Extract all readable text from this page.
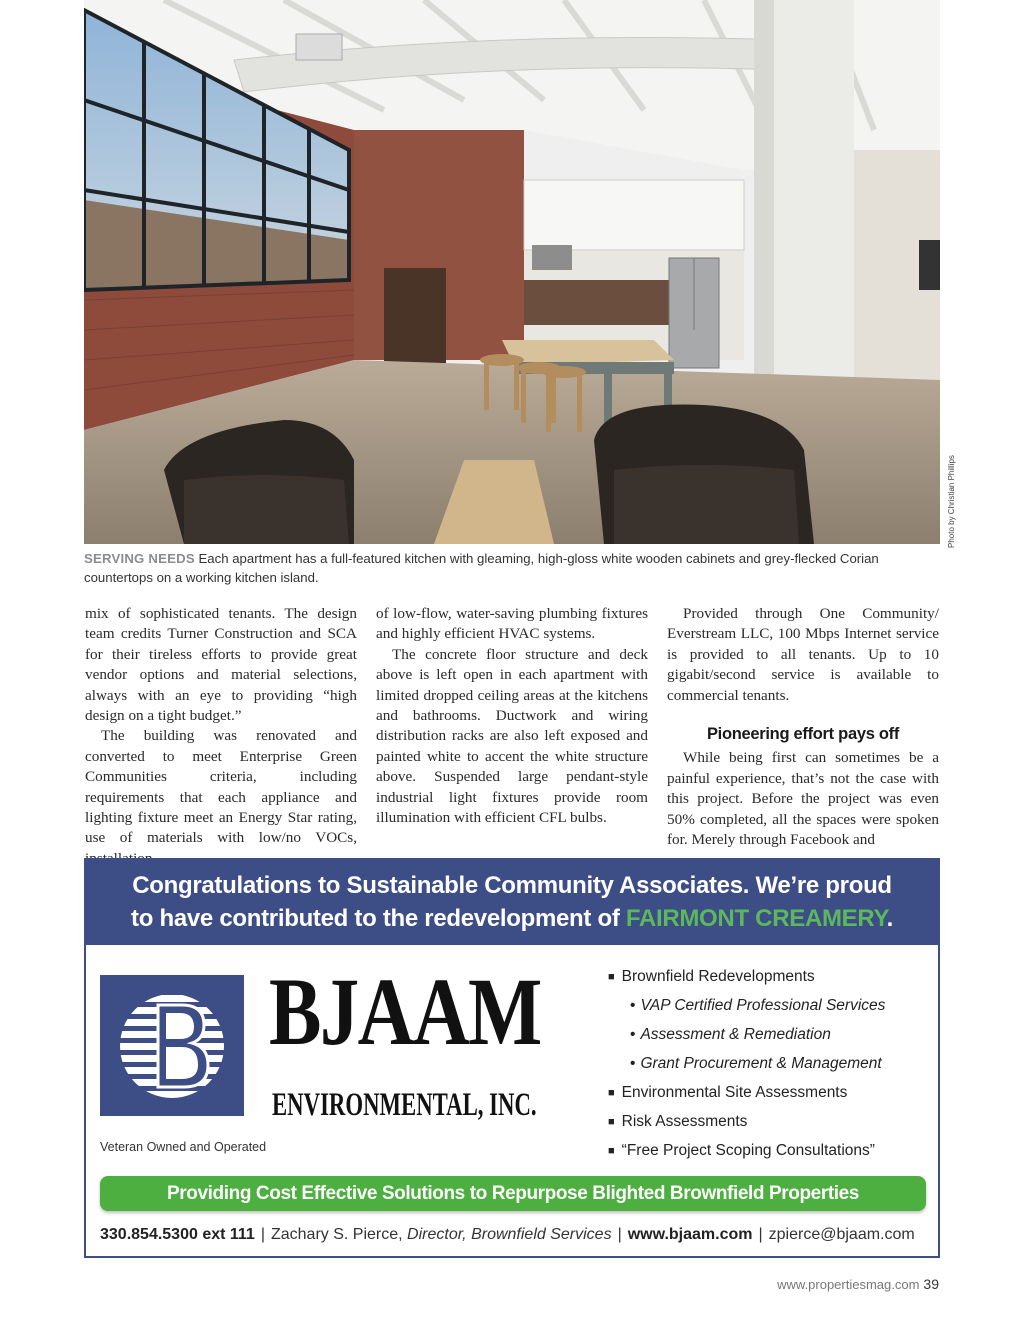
Photo by Christian Phillips
SERVING NEEDS Each apartment has a full-featured kitchen with gleaming, high-gloss white wooden cabinets and grey-flecked Corian countertops on a working kitchen island.

mix of sophisticated tenants. The design team credits Turner Construction and SCA for their tireless efforts to provide great vendor options and material selections, always with an eye to providing “high design on a tight budget.”

The building was renovated and converted to meet Enterprise Green Communities criteria, including requirements that each appliance and lighting fixture meet an Energy Star rating, use of materials with low/no VOCs,

of low-flow, water-saving plumbing fixtures and highly efficient HVAC systems.

The concrete floor structure and deck above is left open in each apartment with limited dropped ceiling areas at the kitchens and bathrooms. Ductwork and wiring distribution racks are also left exposed and painted white to accent the white structure above. Suspended large pendant-style industrial light fixtures provide room illumination with efficient CFL bulbs.

Provided through One Community/ Everstream LLC, 100 Mbps Internet service is provided to all tenants. Up to 10 gigabit/second service is available to commercial tenants.

Pioneering effort pays off

While being first can sometimes be a painful experience, that’s not the case with this project. Before the project was even 50% completed, all the spaces were spoken for. Merely through Facebook and

Congratulations to Sustainable Community Associates. We’re proud
to have contributed to the redevelopment of FAIRMONT CREAMERY.
BJAAM
ENVIRONMENTAL, INC.
Veteran Owned and Operated
■ Brownfield Redevelopments
• VAP Certified Professional Services
• Assessment & Remediation
• Grant Procurement & Management
■ Environmental Site Assessments
■ Risk Assessments
■ “Free Project Scoping Consultations”
Providing Cost Effective Solutions to Repurpose Blighted Brownfield Properties
330.854.5300 ext 111 | Zachary S. Pierce, Director, Brownfield Services | www.bjaam.com | zpierce@bjaam.com
www.propertiesmag.com 39
